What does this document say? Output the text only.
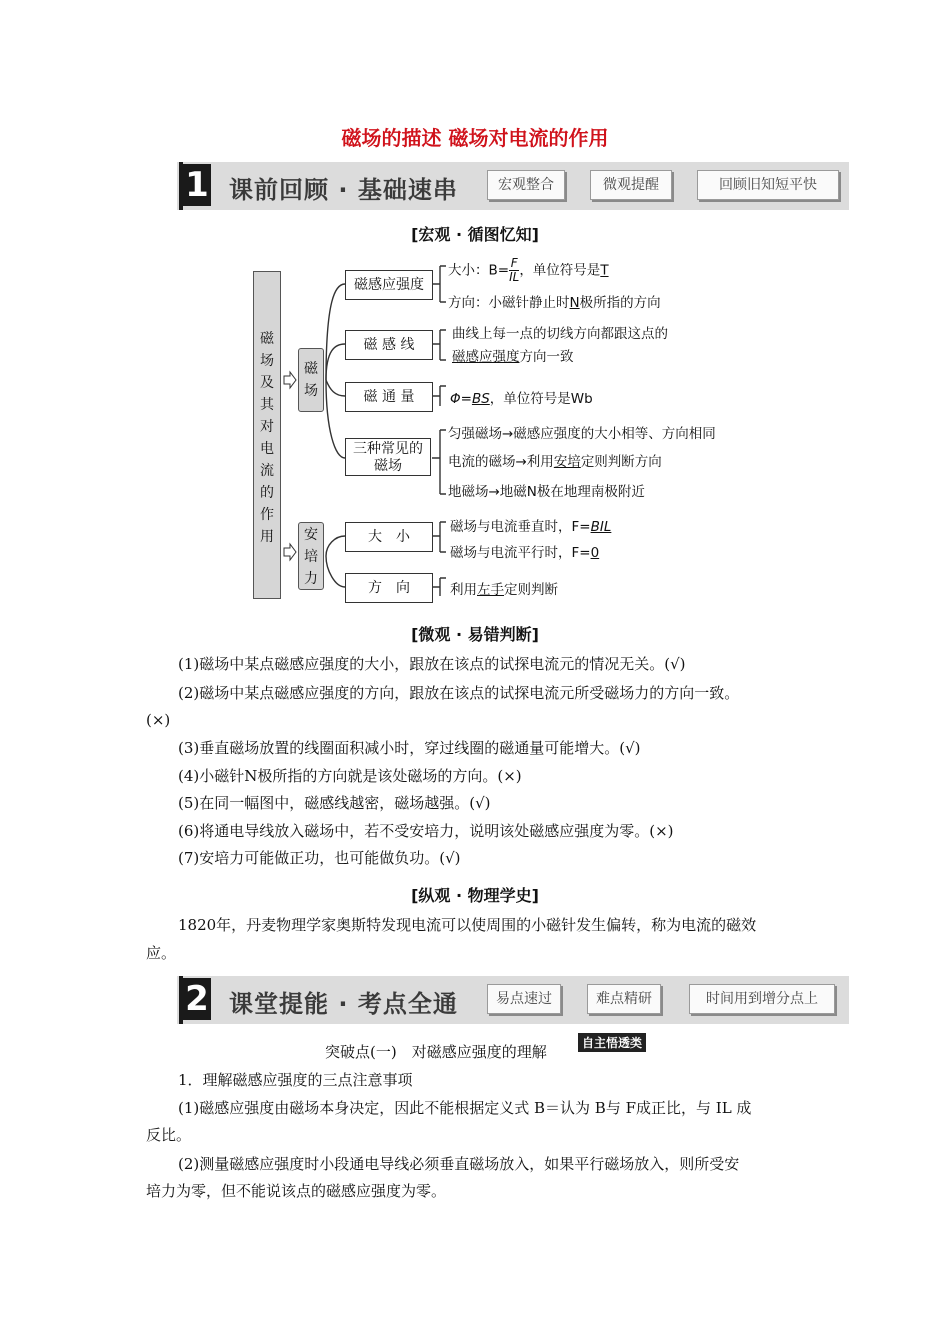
磁场的描述 磁场对电流的作用
1 课前回顾 · 基础速串	宏观整合	微观提醒	回顾旧知短平快
[宏观 · 循图忆知]
磁
场
及
其
对
电
流
的
作
用
磁
场
安
培
力
磁感应强度
磁 感 线
磁 通 量
三种常见的
磁场
大　小
方　向
大小：$B= \frac{F}{IL}$ ，单位符号是T
方向：小磁针静止时N极所指的方向
曲线上每一点的切线方向都跟这点的
磁感应强度方向一致
Φ=BS，单位符号是Wb
匀强磁场→磁感应强度的大小相等、方向相同
电流的磁场→利用安培定则判断方向
地磁场→地磁N极在地理南极附近
磁场与电流垂直时，F=BIL
磁场与电流平行时，F=0
利用左手定则判断
[微观 · 易错判断]
(1)磁场中某点磁感应强度的大小，跟放在该点的试探电流元的情况无关。(√)
(2)磁场中某点磁感应强度的方向，跟放在该点的试探电流元所受磁场力的方向一致。
(×)
(3)垂直磁场放置的线圈面积减小时，穿过线圈的磁通量可能增大。(√)
(4)小磁针N极所指的方向就是该处磁场的方向。(×)
(5)在同一幅图中，磁感线越密，磁场越强。(√)
(6)将通电导线放入磁场中，若不受安培力，说明该处磁感应强度为零。(×)
(7)安培力可能做正功，也可能做负功。(√)
[纵观 · 物理学史]
1820年，丹麦物理学家奥斯特发现电流可以使周围的小磁针发生偏转，称为电流的磁效
应。
2 课堂提能 · 考点全通	易点速过	难点精研	时间用到增分点上
突破点(一)　对磁感应强度的理解	自主悟透类
1．理解磁感应强度的三点注意事项
(1)磁感应强度由磁场本身决定，因此不能根据定义式 B＝认为 B与 F成正比，与 IL 成
反比。
(2)测量磁感应强度时小段通电导线必须垂直磁场放入，如果平行磁场放入，则所受安
培力为零，但不能说该点的磁感应强度为零。
